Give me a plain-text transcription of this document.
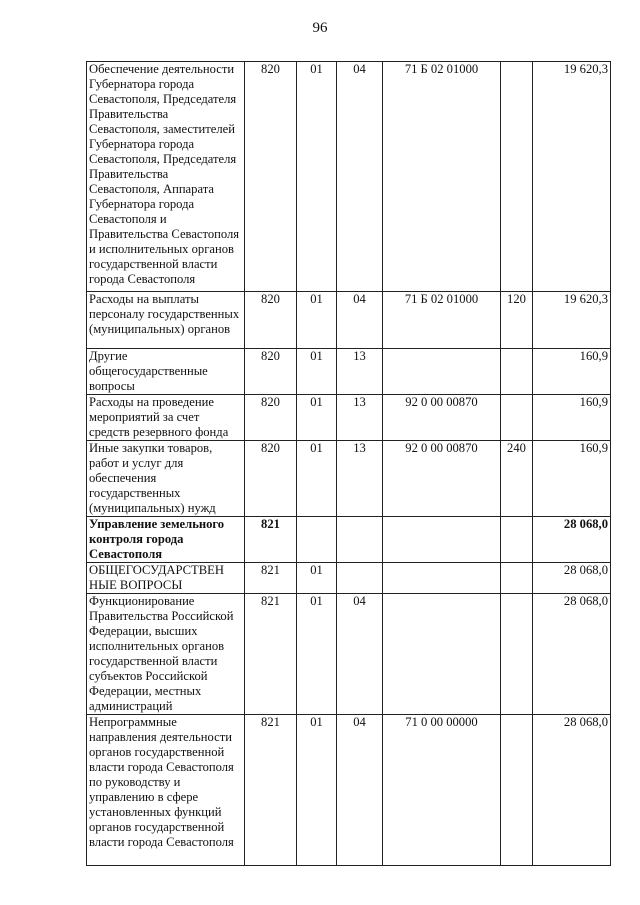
96
Обеспечение деятельности Губернатора города Севастополя, Председателя Правительства Севастополя, заместителей Губернатора города Севастополя, Председателя Правительства Севастополя, Аппарата Губернатора города Севастополя и Правительства Севастополя и исполнительных органов государственной власти города Севастополя	820	01	04	71 Б 02 01000		19 620,3
Расходы на выплаты персоналу государственных (муниципальных) органов	820	01	04	71 Б 02 01000	120	19 620,3
Другие общегосударственные вопросы	820	01	13			160,9
Расходы на проведение мероприятий за счет средств резервного фонда	820	01	13	92 0 00 00870		160,9
Иные закупки товаров, работ и услуг для обеспечения государственных (муниципальных) нужд	820	01	13	92 0 00 00870	240	160,9
Управление земельного контроля города Севастополя	821					28 068,0
ОБЩЕГОСУДАРСТВЕН НЫЕ ВОПРОСЫ	821	01				28 068,0
Функционирование Правительства Российской Федерации, высших исполнительных органов государственной власти субъектов Российской Федерации, местных администраций	821	01	04			28 068,0
Непрограммные направления деятельности органов государственной власти города Севастополя по руководству и управлению в сфере установленных функций органов государственной власти города Севастополя	821	01	04	71 0 00 00000		28 068,0
